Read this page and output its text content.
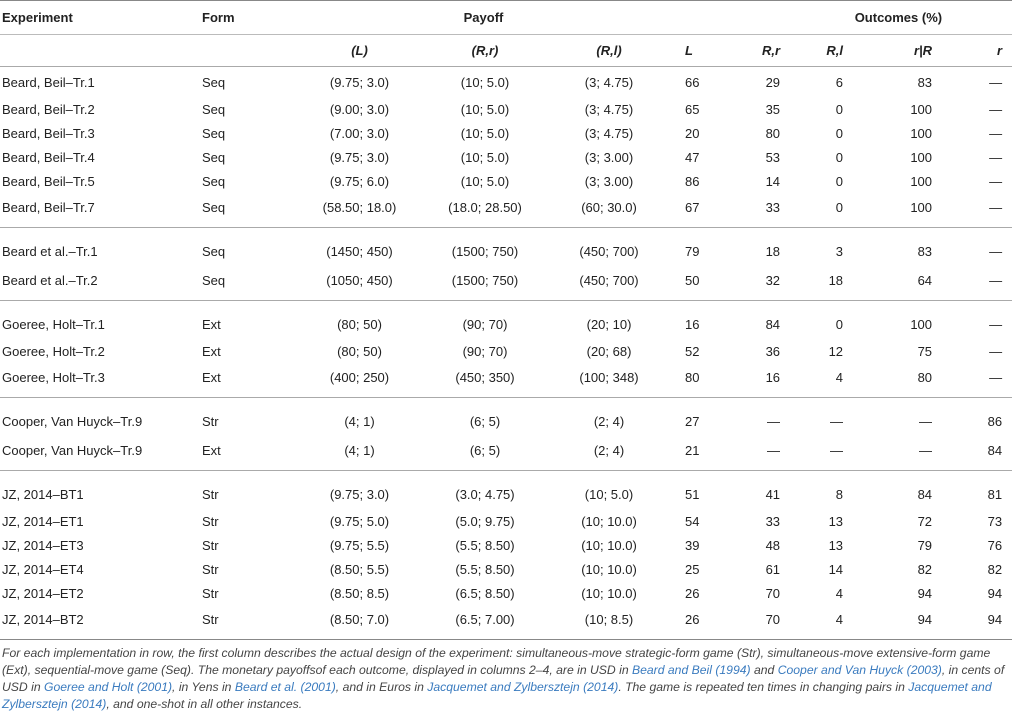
Experiment	Form	Payoff			Outcomes (%)				
		(L)	(R,r)	(R,l)	L	R,r	R,l	r|R	r
Beard, Beil–Tr.1	Seq	(9.75; 3.0)	(10; 5.0)	(3; 4.75)	66	29	6	83	—
Beard, Beil–Tr.2	Seq	(9.00; 3.0)	(10; 5.0)	(3; 4.75)	65	35	0	100	—
Beard, Beil–Tr.3	Seq	(7.00; 3.0)	(10; 5.0)	(3; 4.75)	20	80	0	100	—
Beard, Beil–Tr.4	Seq	(9.75; 3.0)	(10; 5.0)	(3; 3.00)	47	53	0	100	—
Beard, Beil–Tr.5	Seq	(9.75; 6.0)	(10; 5.0)	(3; 3.00)	86	14	0	100	—
Beard, Beil–Tr.7	Seq	(58.50; 18.0)	(18.0; 28.50)	(60; 30.0)	67	33	0	100	—
Beard et al.–Tr.1	Seq	(1450; 450)	(1500; 750)	(450; 700)	79	18	3	83	—
Beard et al.–Tr.2	Seq	(1050; 450)	(1500; 750)	(450; 700)	50	32	18	64	—
Goeree, Holt–Tr.1	Ext	(80; 50)	(90; 70)	(20; 10)	16	84	0	100	—
Goeree, Holt–Tr.2	Ext	(80; 50)	(90; 70)	(20; 68)	52	36	12	75	—
Goeree, Holt–Tr.3	Ext	(400; 250)	(450; 350)	(100; 348)	80	16	4	80	—
Cooper, Van Huyck–Tr.9	Str	(4; 1)	(6; 5)	(2; 4)	27	—	—	—	86
Cooper, Van Huyck–Tr.9	Ext	(4; 1)	(6; 5)	(2; 4)	21	—	—	—	84
JZ, 2014–BT1	Str	(9.75; 3.0)	(3.0; 4.75)	(10; 5.0)	51	41	8	84	81
JZ, 2014–ET1	Str	(9.75; 5.0)	(5.0; 9.75)	(10; 10.0)	54	33	13	72	73
JZ, 2014–ET3	Str	(9.75; 5.5)	(5.5; 8.50)	(10; 10.0)	39	48	13	79	76
JZ, 2014–ET4	Str	(8.50; 5.5)	(5.5; 8.50)	(10; 10.0)	25	61	14	82	82
JZ, 2014–ET2	Str	(8.50; 8.5)	(6.5; 8.50)	(10; 10.0)	26	70	4	94	94
JZ, 2014–BT2	Str	(8.50; 7.0)	(6.5; 7.00)	(10; 8.5)	26	70	4	94	94
For each implementation in row, the first column describes the actual design of the experiment: simultaneous-move strategic-form game (Str), simultaneous-move extensive-form game (Ext), sequential-move game (Seq). The monetary payoffsof each outcome, displayed in columns 2–4, are in USD in Beard and Beil (1994) and Cooper and Van Huyck (2003), in cents of USD in Goeree and Holt (2001), in Yens in Beard et al. (2001), and in Euros in Jacquemet and Zylbersztejn (2014). The game is repeated ten times in changing pairs in Jacquemet and Zylbersztejn (2014), and one-shot in all other instances.
